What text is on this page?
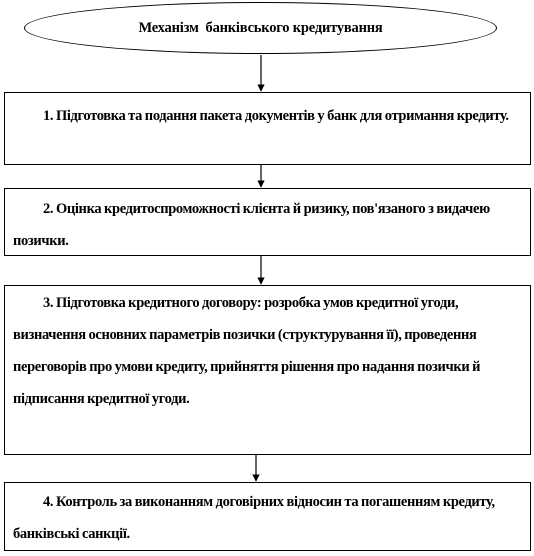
Механізм  банківського кредитування

1. Підготовка та подання пакета документів у банк для отримання кредиту.

2. Оцінка кредитоспроможності клієнта й ризику, пов'язаного з видачею позички.

3. Підготовка кредитного договору: розробка умов кредитної угоди, визначення основних параметрів позички (структурування її), проведення переговорів про умови кредиту, прийняття рішення про надання позички й підписання кредитної угоди.

4. Контроль за виконанням договірних відносин та погашенням кредиту, банківські санкції.
